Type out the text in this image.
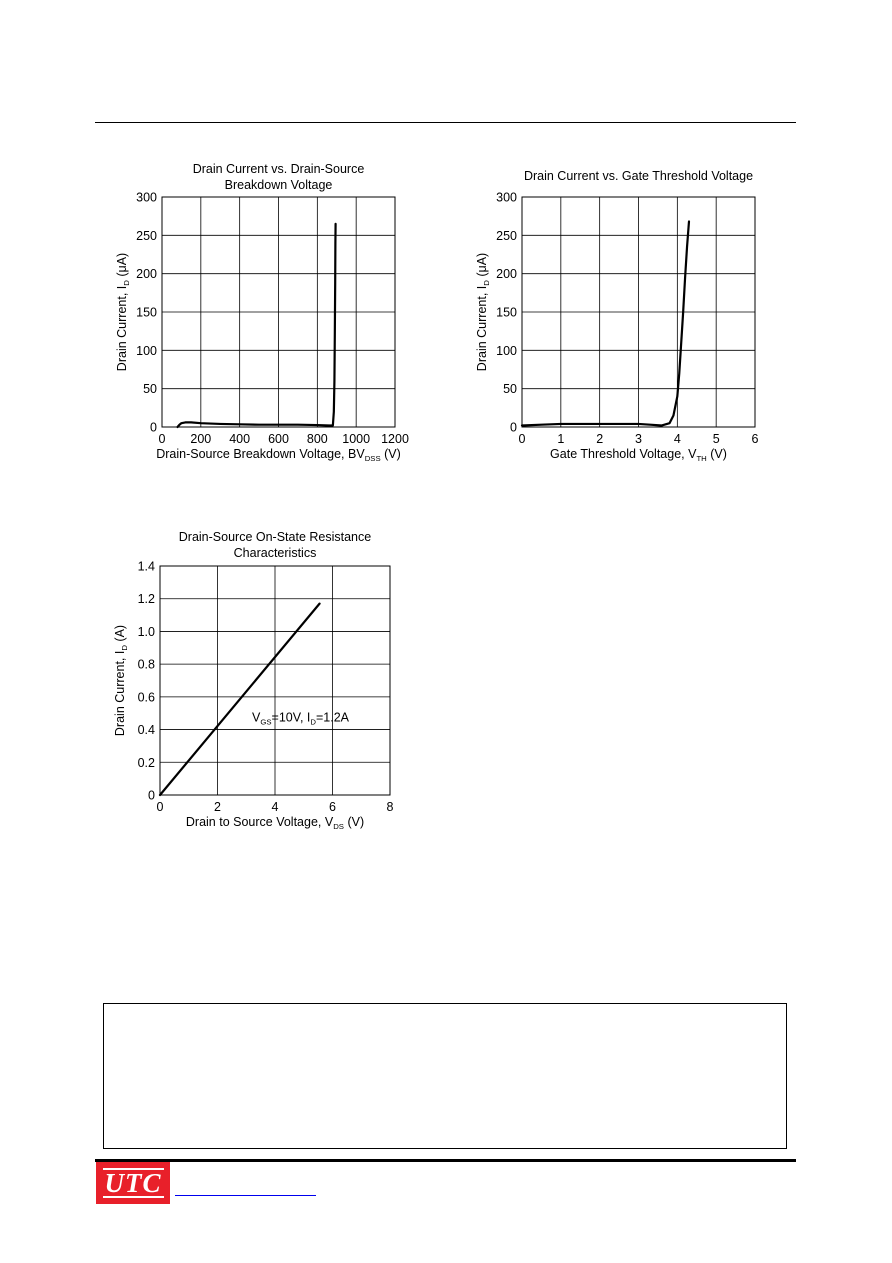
Drain Current vs. Drain-Source
Breakdown Voltage
0 200 400 600 800 1000 1200
0
50
100
150
200
250
300
Drain-Source Breakdown Voltage, BVDSS (V)
Drain Current, ID (μA)
Drain Current vs. Gate Threshold Voltage
0	1	2	3	4	5	6
0
50
100
150
200
250
300
Gate Threshold Voltage, VTH (V)
Drain Current, ID (μA)
Drain-Source On-State Resistance
Characteristics
0	2	4	6	8
0
0.2
0.4
0.6
0.8
1.0
1.2
1.4
Drain to Source Voltage, VDS (V)
Drain Current, ID (A)
VGS=10V, ID=1.2A
UTC
